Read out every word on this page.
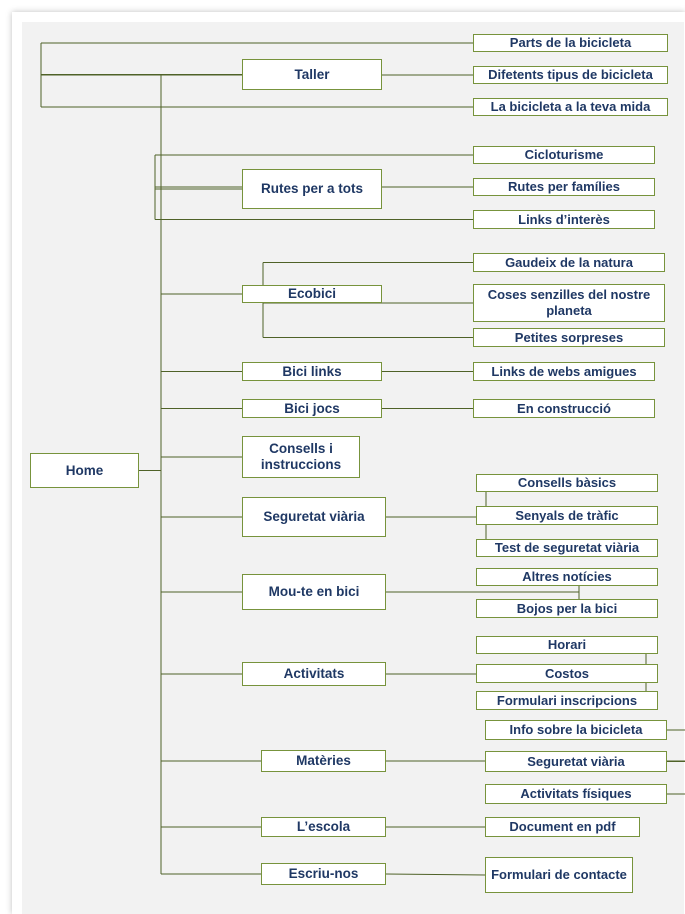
Home
Taller
Parts de la bicicleta
Difetents tipus de bicicleta
La bicicleta a la teva mida
Rutes per a tots
Cicloturisme
Rutes per famílies
Links d’interès
Ecobici
Gaudeix de la natura
Coses senzilles del nostre planeta
Petites sorpreses
Bici links	Links de webs amigues
Bici jocs	En construcció
Consells i instruccions
Seguretat viària
Consells bàsics
Senyals de tràfic
Test de seguretat viària
Mou-te en bici
Altres notícies
Bojos per la bici
Activitats
Horari
Costos
Formulari inscripcions
Matèries
Info sobre la bicicleta
Seguretat viària
Activitats físiques
L’escola	Document en pdf
Escriu-nos	Formulari de contacte
